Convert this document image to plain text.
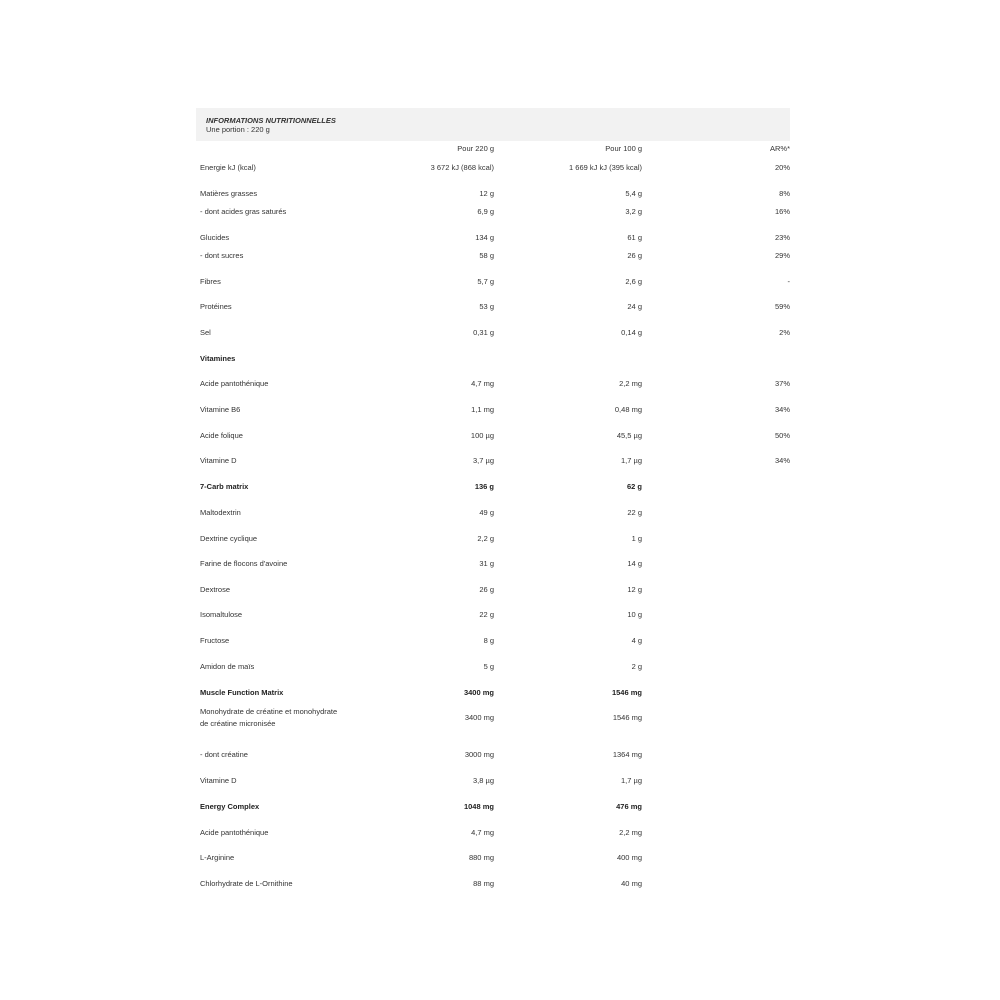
INFORMATIONS NUTRITIONNELLES
Une portion : 220 g
Pour 220 g	Pour 100 g	AR%*
Energie kJ (kcal)	3 672 kJ (868 kcal)	1 669 kJ kJ (395 kcal)	20%
Matières grasses	12 g	5,4 g	8%
- dont acides gras saturés	6,9 g	3,2 g	16%
Glucides	134 g	61 g	23%
- dont sucres	58 g	26 g	29%
Fibres	5,7 g	2,6 g	-
Protéines	53 g	24 g	59%
Sel	0,31 g	0,14 g	2%
Vitamines
Acide pantothénique	4,7 mg	2,2 mg	37%
Vitamine B6	1,1 mg	0,48 mg	34%
Acide folique	100 µg	45,5 µg	50%
Vitamine D	3,7 µg	1,7 µg	34%
7-Carb matrix	136 g	62 g
Maltodextrin	49 g	22 g
Dextrine cyclique	2,2 g	1 g
Farine de flocons d'avoine	31 g	14 g
Dextrose	26 g	12 g
Isomaltulose	22 g	10 g
Fructose	8 g	4 g
Amidon de maïs	5 g	2 g
Muscle Function Matrix	3400 mg	1546 mg
Monohydrate de créatine et monohydrate
de créatine micronisée
3400 mg	1546 mg
- dont créatine	3000 mg	1364 mg
Vitamine D	3,8 µg	1,7 µg
Energy Complex	1048 mg	476 mg
Acide pantothénique	4,7 mg	2,2 mg
L-Arginine	880 mg	400 mg
Chlorhydrate de L-Ornithine	88 mg	40 mg
